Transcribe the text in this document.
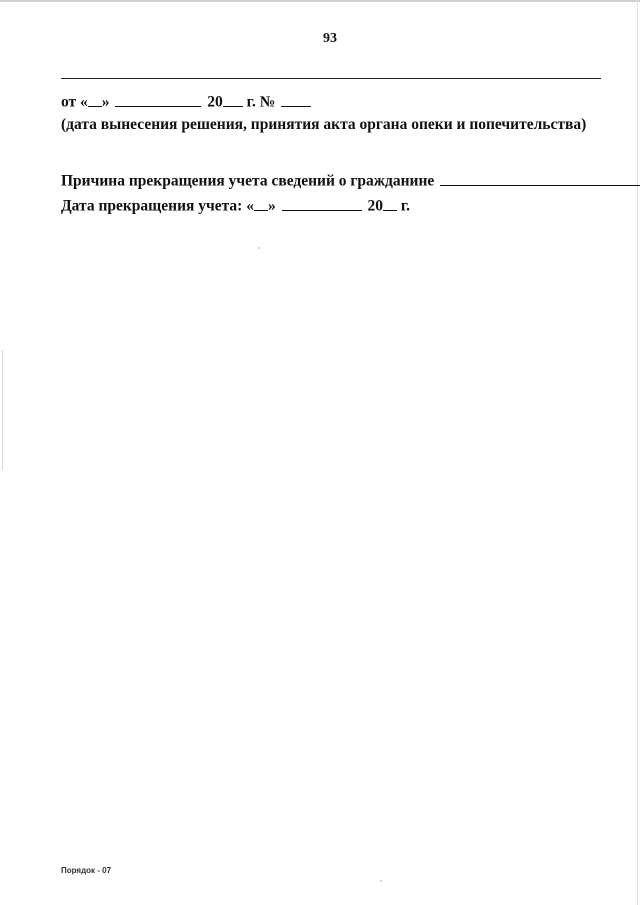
93
от « »	20 г. №
(дата вынесения решения, принятия акта органа опеки и попечительства)
Причина прекращения учета сведений о гражданине
Дата прекращения учета: « »	20 г.
Порядок - 07
